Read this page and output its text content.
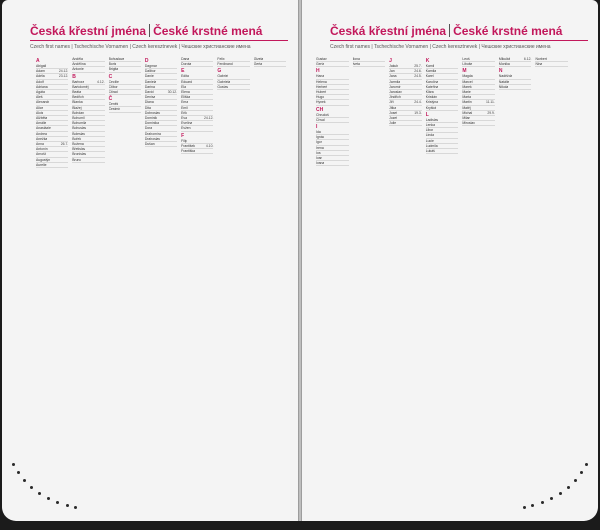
Česká křestní jména České krstné mená
Czech first names | Tschechische Vornamen | Czech keresztnevek | Чешские христианские имена
A
Abigail
Adam	24.12.
Adéla	23.12.
Adolf
Adriana
Agáta
Aleš
Alexandr
Alice
Alois
Alžběta
Amálie
Anastázie
Andrea
Anežka
Anna	26.7.
Antonín
Arnošt
Augustýn
Aurelie
Anděla
Andělína
Antonie
B
Barbora	4.12.
Bartoloměj
Beáta
Bedřich
Blanka
Blažej
Bohdan
Bohumil
Bohumila
Bohuslav
Boleslav
Bořek
Božena
Břetislav
Bronislav
Bruno
Bohuslava
Boris
Brigita
C
Cecílie
Ctibor
Ctirad
Č
Čeněk
Čestmír
D
Dagmar
Dalibor
Daniel
Daniela
Darina
David	30.12.
Denisa
Diana
Dita
Dobroslav
Dominik
Dominika
Dora
Drahomíra
Drahoslav
Dušan
Dana
Dorota
E
Edita
Eduard
Ela
Elena
Eliška
Ema
Emil
Erik
Eva	24.12.
Evelína
Evžen
F
Filip
František	4.10.
Františka
Felix
Ferdinand
G
Gabriel
Gabriela
Gustav
Gizela
Gerta
Česká křestní jména České krstné mená
Czech first names | Tschechische Vornamen | Czech keresztnevek | Чешские христианские имена
Gustav
Gerta
H
Hana
Helena
Herbert
Hubert
Hugo
Hynek
CH
Chrudoš
Chval
I
Ida
Ignác
Igor
Irena
Iva
Ivan
Ivana
Ilona
Iveta
J
Jakub	25.7.
Jan	24.6.
Jana	24.5.
Jarmila
Jaromír
Jaroslav
Jindřich
Jiří	24.4.
Jitka
Josef	19.3.
Jozef
Julie
K
Kamil
Kamila
Karel
Karolína
Kateřina
Klára
Kristián
Kristýna
Kryštof
L
Ladislav
Lenka
Libor
Linda
Lucie
Ludmila
Lukáš
Leoš
Libuše
M
Magda
Marcel
Marek
Marie
Marta
Martin	11.11.
Matěj
Michal	29.9.
Milan
Miroslav
Mikuláš	6.12.
Monika
N
Naděžda
Natálie
Nikola
Norbert
Nina
